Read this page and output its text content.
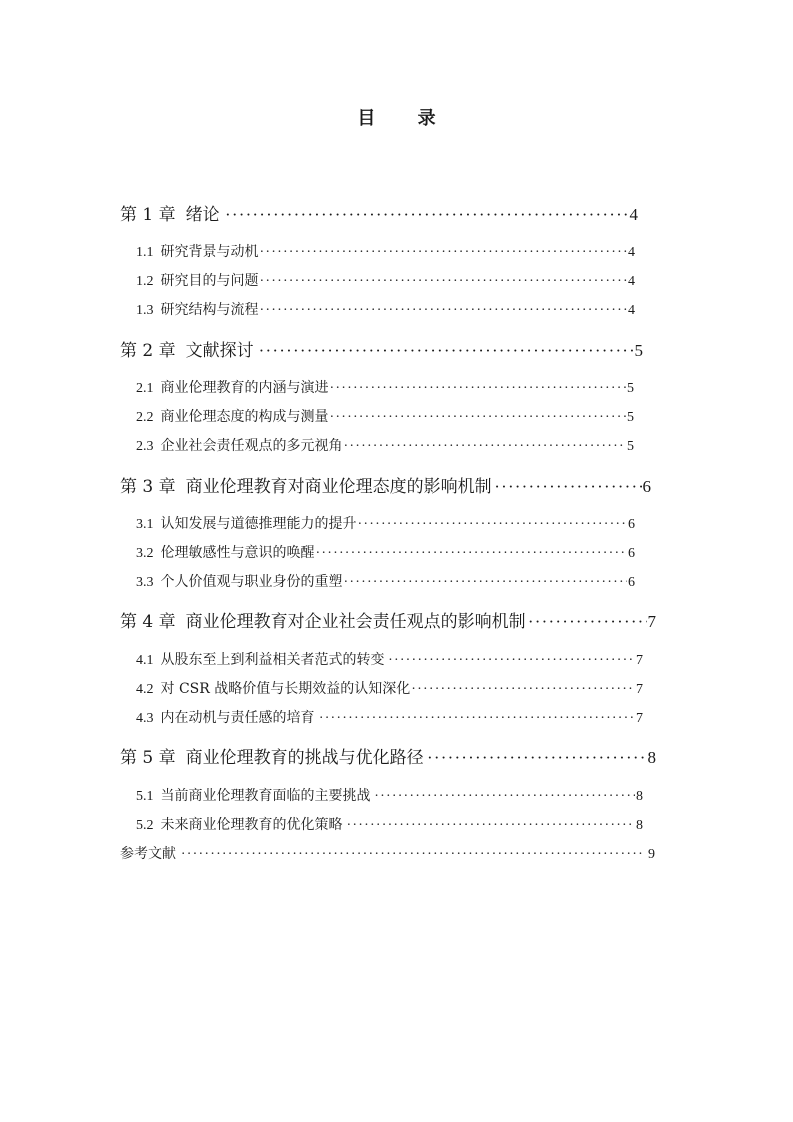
目 录
第 1 章 绪论 ·····	4
1.1 研究背景与动机 ·····	4
1.2 研究目的与问题 ·····	4
1.3 研究结构与流程 ·····	4
第 2 章 文献探讨 ·····	5
2.1 商业伦理教育的内涵与演进 ·····	5
2.2 商业伦理态度的构成与测量 ·····	5
2.3 企业社会责任观点的多元视角 ·····	5
第 3 章 商业伦理教育对商业伦理态度的影响机制 ·····	6
3.1 认知发展与道德推理能力的提升 ·····	6
3.2 伦理敏感性与意识的唤醒 ·····	6
3.3 个人价值观与职业身份的重塑 ·····	6
第 4 章 商业伦理教育对企业社会责任观点的影响机制 ·····	7
4.1 从股东至上到利益相关者范式的转变 ·····	7
4.2 对 CSR 战略价值与长期效益的认知深化 ·····	7
4.3 内在动机与责任感的培育 ·····	7
第 5 章 商业伦理教育的挑战与优化路径 ·····	8
5.1 当前商业伦理教育面临的主要挑战 ·····	8
5.2 未来商业伦理教育的优化策略 ·····	8
参考文献 ·····	9
